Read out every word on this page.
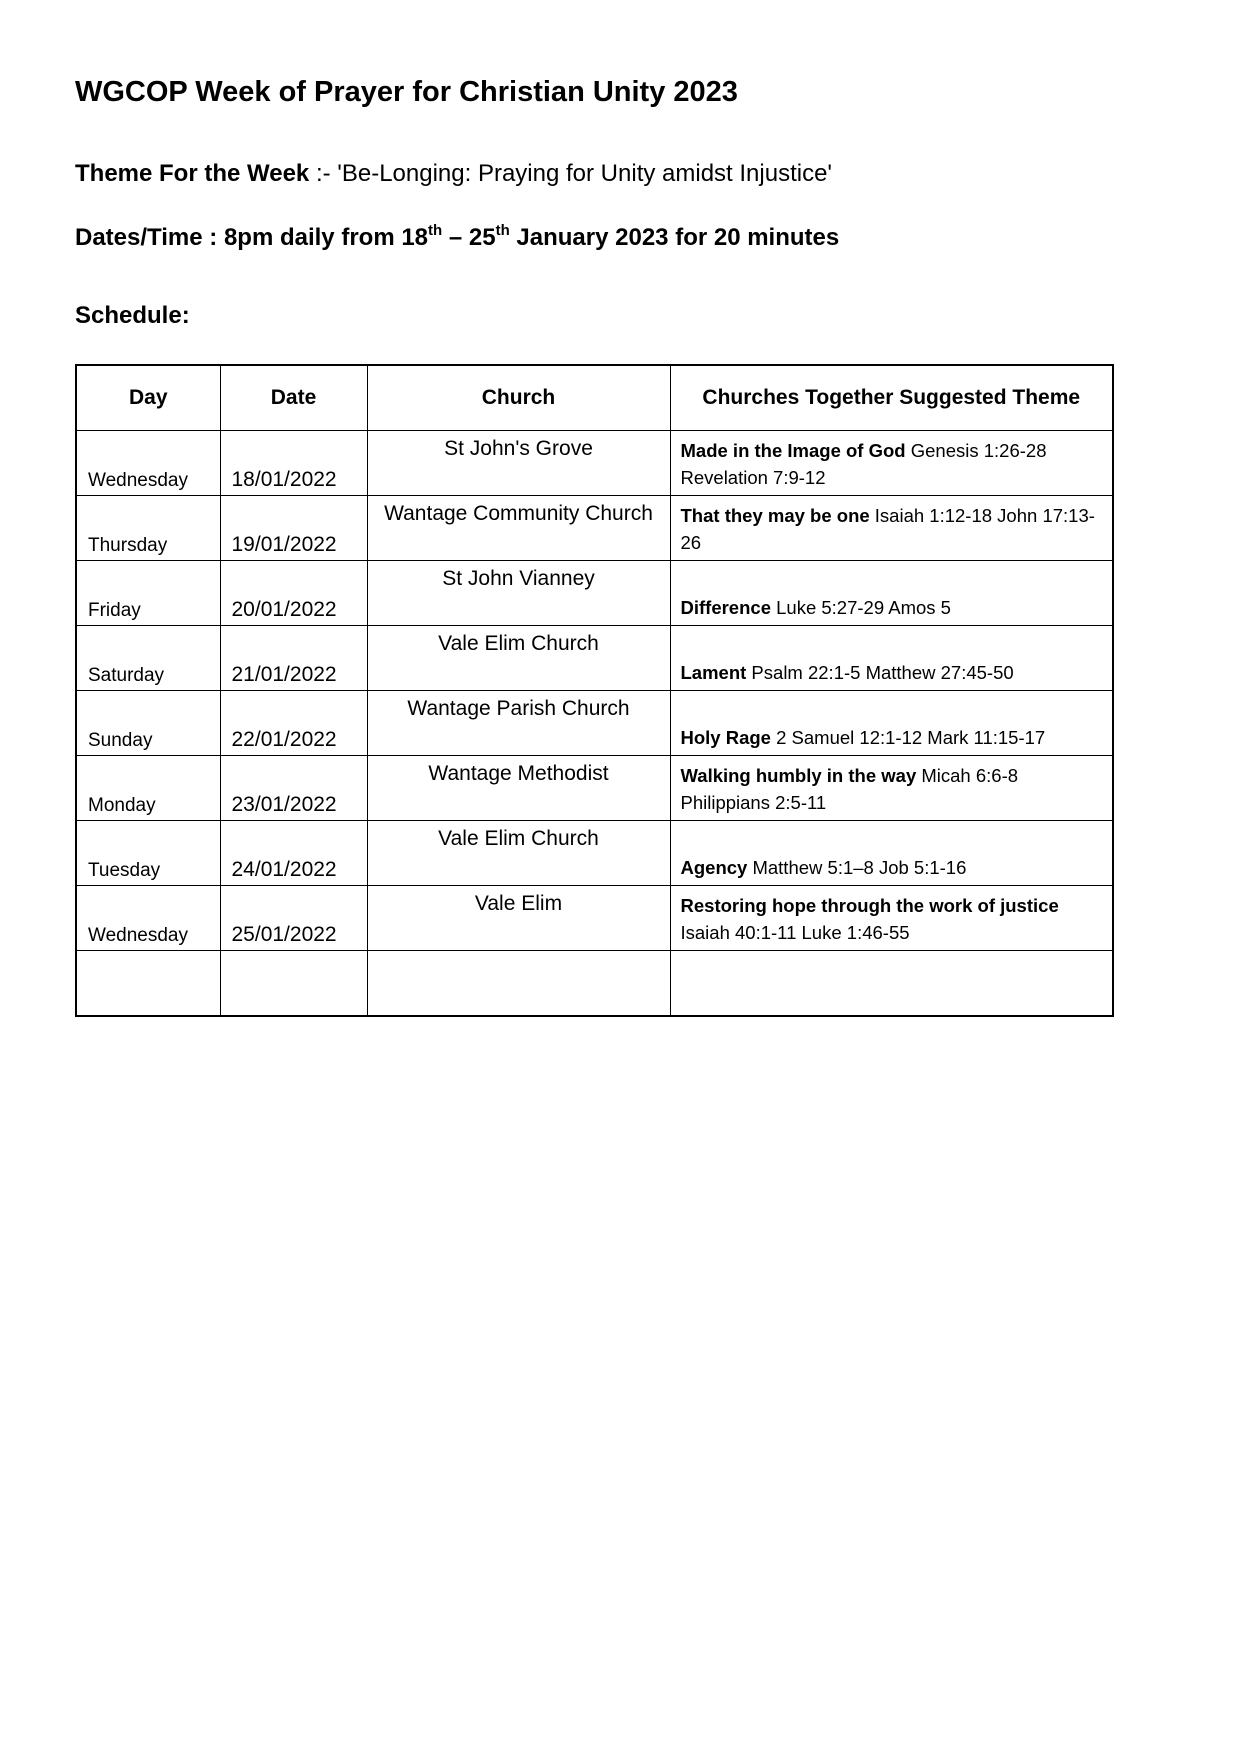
WGCOP Week of Prayer for Christian Unity 2023
Theme For the Week :- 'Be-Longing: Praying for Unity amidst Injustice'
Dates/Time : 8pm daily from 18th – 25th January 2023 for 20 minutes
Schedule:
Day	Date	Church	Churches Together Suggested Theme

Wednesday	18/01/2022	St John's Grove	Made in the Image of God Genesis 1:26-28 Revelation 7:9-12

Thursday	19/01/2022	Wantage Community Church	That they may be one Isaiah 1:12-18 John 17:13-26

Friday	20/01/2022	St John Vianney	Difference Luke 5:27-29 Amos 5

Saturday	21/01/2022	Vale Elim Church	Lament Psalm 22:1-5 Matthew 27:45-50

Sunday	22/01/2022	Wantage Parish Church	Holy Rage 2 Samuel 12:1-12 Mark 11:15-17

Monday	23/01/2022	Wantage Methodist	Walking humbly in the way Micah 6:6-8 Philippians 2:5-11

Tuesday	24/01/2022	Vale Elim Church	Agency Matthew 5:1–8 Job 5:1-16

Wednesday	25/01/2022	Vale Elim	Restoring hope through the work of justice Isaiah 40:1-11 Luke 1:46-55
